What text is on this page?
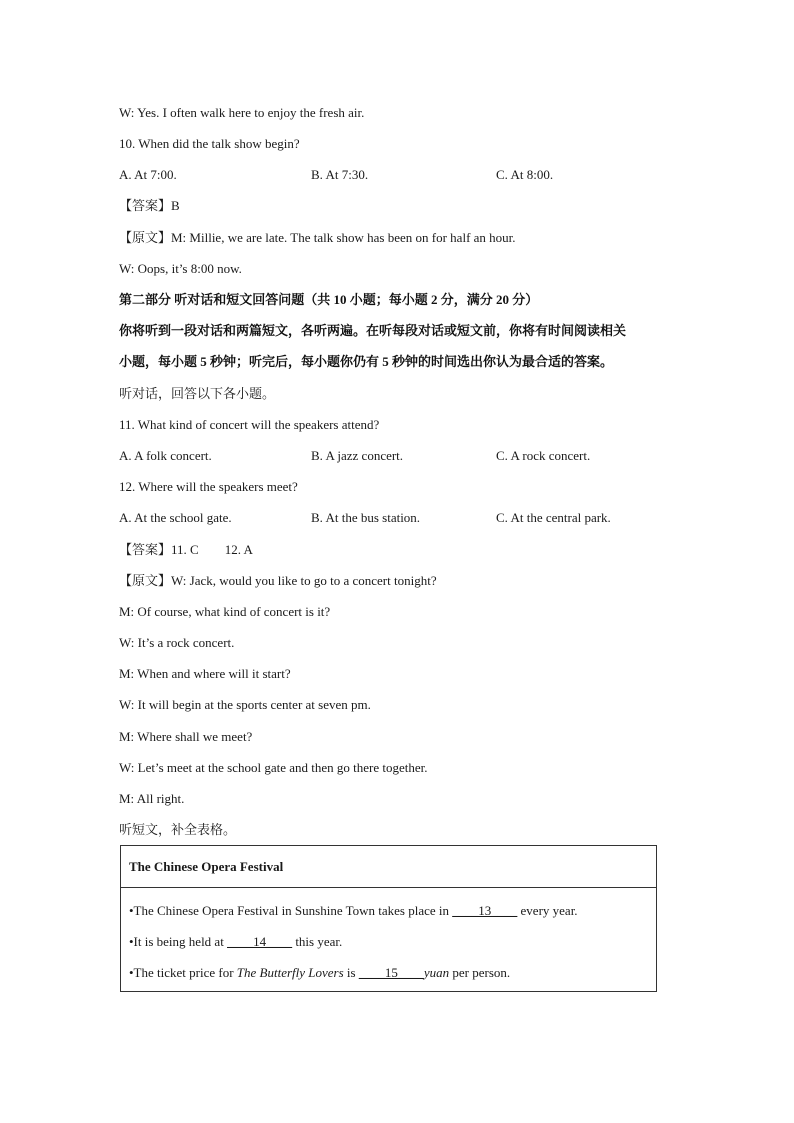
W: Yes. I often walk here to enjoy the fresh air.
10. When did the talk show begin?
A. At 7:00.	B. At 7:30.	C. At 8:00.
【答案】B
【原文】M: Millie, we are late. The talk show has been on for half an hour.
W: Oops, it’s 8:00 now.
第二部分 听对话和短文回答问题（共 10 小题；每小题 2 分，满分 20 分）
你将听到一段对话和两篇短文，各听两遍。在听每段对话或短文前，你将有时间阅读相关
小题，每小题 5 秒钟；听完后，每小题你仍有 5 秒钟的时间选出你认为最合适的答案。
听对话，回答以下各小题。
11. What kind of concert will the speakers attend?
A. A folk concert.	B. A jazz concert.	C. A rock concert.
12. Where will the speakers meet?
A. At the school gate.	B. At the bus station.	C. At the central park.
【答案】11. C        12. A
【原文】W: Jack, would you like to go to a concert tonight?
M: Of course, what kind of concert is it?
W: It’s a rock concert.
M: When and where will it start?
W: It will begin at the sports center at seven pm.
M: Where shall we meet?
W: Let’s meet at the school gate and then go there together.
M: All right.
听短文，补全表格。
The Chinese Opera Festival
•The Chinese Opera Festival in Sunshine Town takes place in ____13____ every year.
•It is being held at ____14____ this year.
•The ticket price for The Butterfly Lovers is ____15____yuan per person.
